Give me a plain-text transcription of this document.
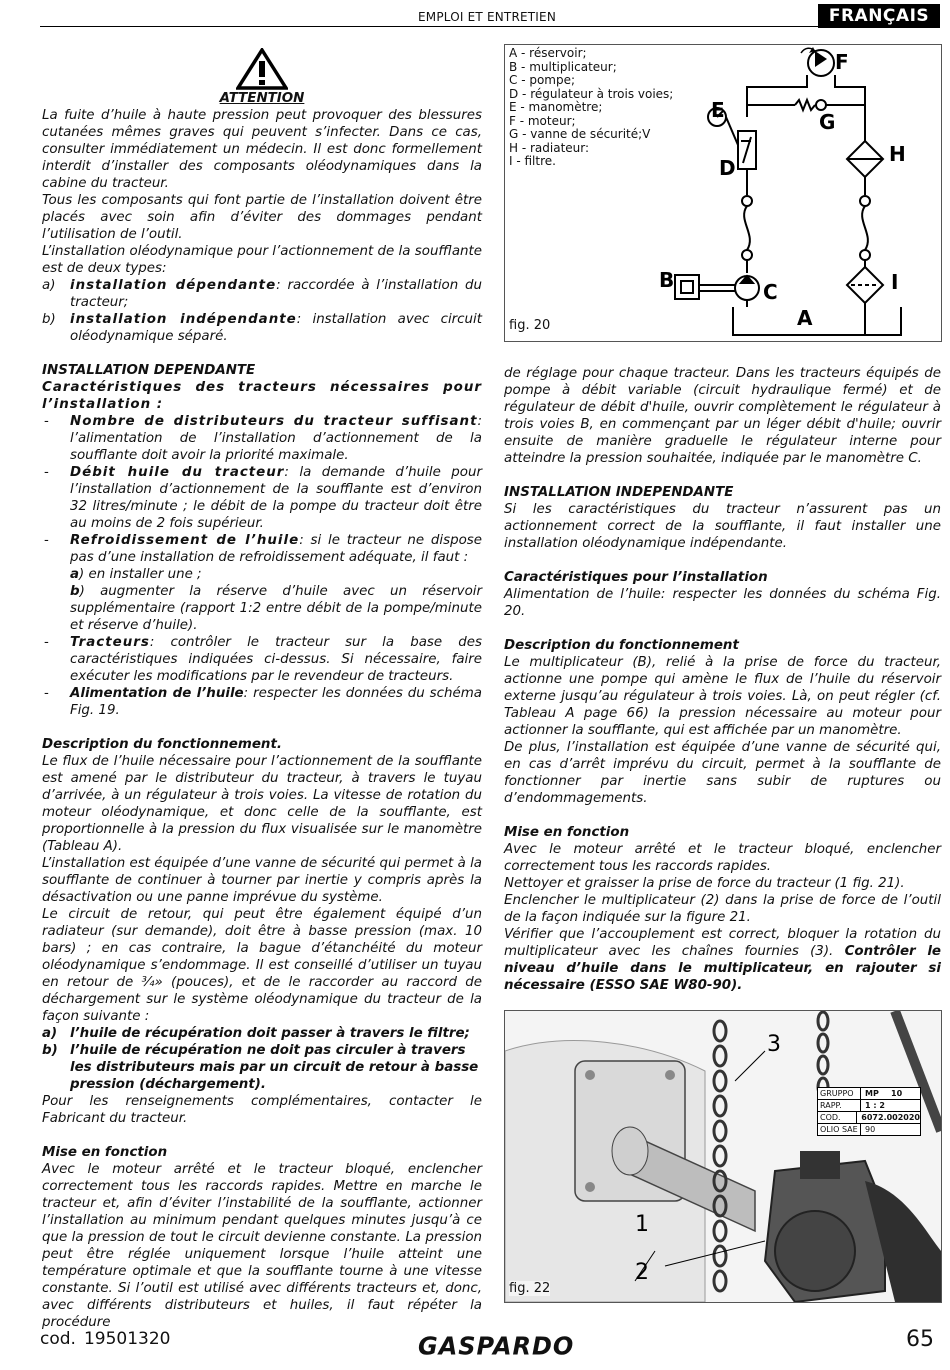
EMPLOI ET ENTRETIEN	FRANÇAIS
ATTENTION

La fuite d’huile à haute pression peut provoquer des blessures cutanées mêmes graves qui peuvent s’infecter. Dans ce cas, consulter immédiatement un médecin. Il est donc formellement interdit d’installer des composants oléodynamiques dans la cabine du tracteur.

Tous les composants qui font partie de l’installation doivent être placés avec soin afin d’éviter des dommages pendant l’utilisation de l’outil.

L’installation oléodynamique pour l’actionnement de la soufflante est de deux types:

a) installation dépendante: raccordée à l’installation du tracteur;

b) installation indépendante: installation avec circuit oléodynamique séparé.

INSTALLATION DEPENDANTE

Caractéristiques des tracteurs nécessaires pour l’installation :

- Nombre de distributeurs du tracteur suffisant: l’alimentation de l’installation d’actionnement de la soufflante doit avoir la priorité maximale.

- Débit huile du tracteur: la demande d’huile pour l’installation d’actionnement de la soufflante est d’environ 32 litres/minute ; le débit de la pompe du tracteur doit être au moins de 2 fois supérieur.

- Refroidissement de l’huile: si le tracteur ne dispose pas d’une installation de refroidissement adéquate, il faut :

a) en installer une ;

b) augmenter la réserve d’huile avec un réservoir supplémentaire (rapport 1:2 entre débit de la pompe/minute et réserve d’huile).

- Tracteurs: contrôler le tracteur sur la base des caractéristiques indiquées ci-dessus. Si nécessaire, faire exécuter les modifications par le revendeur de tracteurs.

- Alimentation de l’huile: respecter les données du schéma Fig. 19.

Description du fonctionnement.

Le flux de l’huile nécessaire pour l’actionnement de la soufflante est amené par le distributeur du tracteur, à travers le tuyau d’arrivée, à un régulateur à trois voies. La vitesse de rotation du moteur oléodynamique, et donc celle de la soufflante, est proportionnelle à la pression du flux visualisée sur le manomètre (Tableau A).

L’installation est équipée d’une vanne de sécurité qui permet à la soufflante de continuer à tourner par inertie y compris après la désactivation ou une panne imprévue du système.

Le circuit de retour, qui peut être également équipé d’un radiateur (sur demande), doit être à basse pression (max. 10 bars) ; en cas contraire, la bague d’étanchéité du moteur oléodynamique s’endommage. Il est conseillé d’utiliser un tuyau en retour de ¾» (pouces), et de le raccorder au raccord de déchargement sur le système oléodynamique du tracteur de la façon suivante :

a) l’huile de récupération doit passer à travers le filtre;

b) l’huile de récupération ne doit pas circuler à travers les distributeurs mais par un circuit de retour à basse pression (déchargement).

Pour les renseignements complémentaires, contacter le Fabricant du tracteur.

Mise en fonction

Avec le moteur arrêté et le tracteur bloqué, enclencher correctement tous les raccords rapides. Mettre en marche le tracteur et, afin d’éviter l’instabilité de la soufflante, actionner l’installation au minimum pendant quelques minutes jusqu’à ce que la pression de tout le circuit devienne constante. La pression peut être réglée uniquement lorsque l’huile atteint une température optimale et que la soufflante tourne à une vitesse constante. Si l’outil est utilisé avec différents tracteurs et, donc, avec différents distributeurs et huiles, il faut répéter la procédure

A - réservoir;
B - multiplicateur;
C - pompe;
D - régulateur à trois voies;
E - manomètre;
F - moteur;
G - vanne de sécurité;V
H - radiateur:
I - filtre.
F
G
E
D
H
B	C	I
A
fig. 20

de réglage pour chaque tracteur. Dans les tracteurs équipés de pompe à débit variable (circuit hydraulique fermé) et de régulateur de débit d'huile, ouvrir complètement le régulateur à trois voies B, en commençant par un léger débit d'huile; ouvrir ensuite de manière graduelle le régulateur interne pour atteindre la pression souhaitée, indiquée par le manomètre C.

INSTALLATION INDEPENDANTE

Si les caractéristiques du tracteur n’assurent pas un actionnement correct de la soufflante, il faut installer une installation oléodynamique indépendante.

Caractéristiques pour l’installation

Alimentation de l’huile: respecter les données du schéma Fig. 20.

Description du fonctionnement

Le multiplicateur (B), relié à la prise de force du tracteur, actionne une pompe qui amène le flux de l’huile du réservoir externe jusqu’au régulateur à trois voies. Là, on peut régler (cf. Tableau A page 66) la pression nécessaire au moteur pour actionner la soufflante, qui est affichée par un manomètre.

De plus, l’installation est équipée d’une vanne de sécurité qui, en cas d’arrêt imprévu du circuit, permet à la soufflante de fonctionner par inertie sans subir de ruptures ou d’endommagements.

Mise en fonction

Avec le moteur arrêté et le tracteur bloqué, enclencher correctement tous les raccords rapides.

Nettoyer et graisser la prise de force du tracteur (1 fig. 21).

Enclencher le multiplicateur (2) dans la prise de force de l’outil de la façon indiquée sur la figure 21.

Vérifier que l’accouplement est correct, bloquer la rotation du multiplicateur avec les chaînes fournies (3). Contrôler le niveau d’huile dans le multiplicateur, en rajouter si nécessaire (ESSO SAE W80-90).

1
2
3
GRUPPO	MP	10
RAPP.	1 : 2
COD.	6072.002020
OLIO SAE 90
fig. 22
cod. 19501320	GASPARDO	65
